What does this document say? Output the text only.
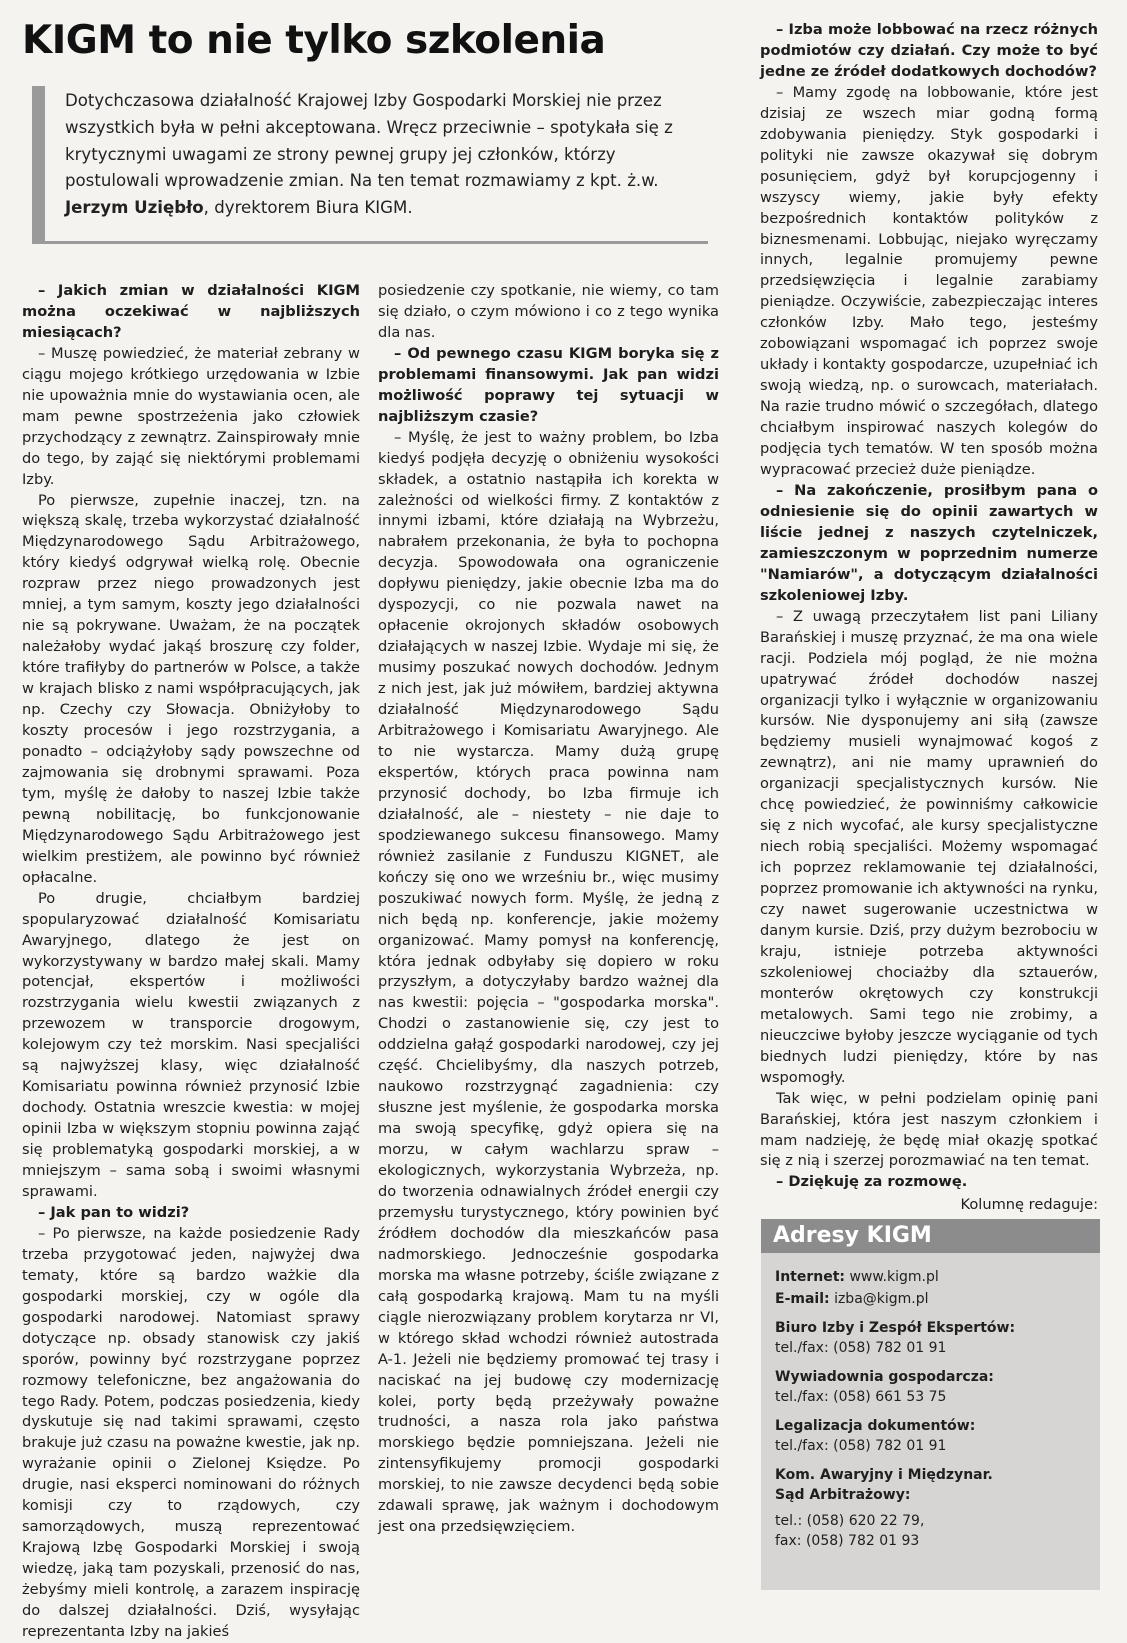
KIGM to nie tylko szkolenia
Dotychczasowa działalność Krajowej Izby Gospodarki Morskiej nie przez wszystkich była w pełni akceptowana. Wręcz przeciwnie – spotykała się z krytycznymi uwagami ze strony pewnej grupy jej członków, którzy postulowali wprowadzenie zmian. Na ten temat rozmawiamy z kpt. ż.w. Jerzym Uziębło, dyrektorem Biura KIGM.

– Jakich zmian w działalności KIGM można oczekiwać w najbliższych miesiącach?

– Muszę powiedzieć, że materiał zebrany w ciągu mojego krótkiego urzędowania w Izbie nie upoważnia mnie do wystawiania ocen, ale mam pewne spostrzeżenia jako człowiek przychodzący z zewnątrz. Zainspirowały mnie do tego, by zająć się niektórymi problemami Izby.

Po pierwsze, zupełnie inaczej, tzn. na większą skalę, trzeba wykorzystać działalność Międzynarodowego Sądu Arbitrażowego, który kiedyś odgrywał wielką rolę. Obecnie rozpraw przez niego prowadzonych jest mniej, a tym samym, koszty jego działalności nie są pokrywane. Uważam, że na początek należałoby wydać jakąś broszurę czy folder, które trafiłyby do partnerów w Polsce, a także w krajach blisko z nami współpracujących, jak np. Czechy czy Słowacja. Obniżyłoby to koszty procesów i jego rozstrzygania, a ponadto – odciążyłoby sądy powszechne od zajmowania się drobnymi sprawami. Poza tym, myślę że dałoby to naszej Izbie także pewną nobilitację, bo funkcjonowanie Międzynarodowego Sądu Arbitrażowego jest wielkim prestiżem, ale powinno być również opłacalne.

Po drugie, chciałbym bardziej spopularyzować działalność Komisariatu Awaryjnego, dlatego że jest on wykorzystywany w bardzo małej skali. Mamy potencjał, ekspertów i możliwości rozstrzygania wielu kwestii związanych z przewozem w transporcie drogowym, kolejowym czy też morskim. Nasi specjaliści są najwyższej klasy, więc działalność Komisariatu powinna również przynosić Izbie dochody. Ostatnia wreszcie kwestia: w mojej opinii Izba w większym stopniu powinna zająć się problematyką gospodarki morskiej, a w mniejszym – sama sobą i swoimi własnymi sprawami.

– Jak pan to widzi?

– Po pierwsze, na każde posiedzenie Rady trzeba przygotować jeden, najwyżej dwa tematy, które są bardzo ważkie dla gospodarki morskiej, czy w ogóle dla gospodarki narodowej. Natomiast sprawy dotyczące np. obsady stanowisk czy jakiś sporów, powinny być rozstrzygane poprzez rozmowy telefoniczne, bez angażowania do tego Rady. Potem, podczas posiedzenia, kiedy dyskutuje się nad takimi sprawami, często brakuje już czasu na poważne kwestie, jak np. wyrażanie opinii o Zielonej Księdze. Po drugie, nasi eksperci nominowani do różnych komisji czy to rządowych, czy samorządowych, muszą reprezentować Krajową Izbę Gospodarki Morskiej i swoją wiedzę, jaką tam pozyskali, przenosić do nas, żebyśmy mieli kontrolę, a zarazem inspirację do dalszej działalności. Dziś, wysyłając reprezentanta Izby na jakieś

posiedzenie czy spotkanie, nie wiemy, co tam się działo, o czym mówiono i co z tego wynika dla nas.

– Od pewnego czasu KIGM boryka się z problemami finansowymi. Jak pan widzi możliwość poprawy tej sytuacji w najbliższym czasie?

– Myślę, że jest to ważny problem, bo Izba kiedyś podjęła decyzję o obniżeniu wysokości składek, a ostatnio nastąpiła ich korekta w zależności od wielkości firmy. Z kontaktów z innymi izbami, które działają na Wybrzeżu, nabrałem przekonania, że była to pochopna decyzja. Spowodowała ona ograniczenie dopływu pieniędzy, jakie obecnie Izba ma do dyspozycji, co nie pozwala nawet na opłacenie okrojonych składów osobowych działających w naszej Izbie. Wydaje mi się, że musimy poszukać nowych dochodów. Jednym z nich jest, jak już mówiłem, bardziej aktywna działalność Międzynarodowego Sądu Arbitrażowego i Komisariatu Awaryjnego. Ale to nie wystarcza. Mamy dużą grupę ekspertów, których praca powinna nam przynosić dochody, bo Izba firmuje ich działalność, ale – niestety – nie daje to spodziewanego sukcesu finansowego. Mamy również zasilanie z Funduszu KIGNET, ale kończy się ono we wrześniu br., więc musimy poszukiwać nowych form. Myślę, że jedną z nich będą np. konferencje, jakie możemy organizować. Mamy pomysł na konferencję, która jednak odbyłaby się dopiero w roku przyszłym, a dotyczyłaby bardzo ważnej dla nas kwestii: pojęcia – "gospodarka morska". Chodzi o zastanowienie się, czy jest to oddzielna gałąź gospodarki narodowej, czy jej część. Chcielibyśmy, dla naszych potrzeb, naukowo rozstrzygnąć zagadnienia: czy słuszne jest myślenie, że gospodarka morska ma swoją specyfikę, gdyż opiera się na morzu, w całym wachlarzu spraw – ekologicznych, wykorzystania Wybrzeża, np. do tworzenia odnawialnych źródeł energii czy przemysłu turystycznego, który powinien być źródłem dochodów dla mieszkańców pasa nadmorskiego. Jednocześnie gospodarka morska ma własne potrzeby, ściśle związane z całą gospodarką krajową. Mam tu na myśli ciągle nierozwiązany problem korytarza nr VI, w którego skład wchodzi również autostrada A-1. Jeżeli nie będziemy promować tej trasy i naciskać na jej budowę czy modernizację kolei, porty będą przeżywały poważne trudności, a nasza rola jako państwa morskiego będzie pomniejszana. Jeżeli nie zintensyfikujemy promocji gospodarki morskiej, to nie zawsze decydenci będą sobie zdawali sprawę, jak ważnym i dochodowym jest ona przedsięwzięciem.

– Izba może lobbować na rzecz różnych podmiotów czy działań. Czy może to być jedne ze źródeł dodatkowych dochodów?

– Mamy zgodę na lobbowanie, które jest dzisiaj ze wszech miar godną formą zdobywania pieniędzy. Styk gospodarki i polityki nie zawsze okazywał się dobrym posunięciem, gdyż był korupcjogenny i wszyscy wiemy, jakie były efekty bezpośrednich kontaktów polityków z biznesmenami. Lobbując, niejako wyręczamy innych, legalnie promujemy pewne przedsięwzięcia i legalnie zarabiamy pieniądze. Oczywiście, zabezpieczając interes członków Izby. Mało tego, jesteśmy zobowiązani wspomagać ich poprzez swoje układy i kontakty gospodarcze, uzupełniać ich swoją wiedzą, np. o surowcach, materiałach. Na razie trudno mówić o szczegółach, dlatego chciałbym inspirować naszych kolegów do podjęcia tych tematów. W ten sposób można wypracować przecież duże pieniądze.

– Na zakończenie, prosiłbym pana o odniesienie się do opinii zawartych w liście jednej z naszych czytelniczek, zamieszczonym w poprzednim numerze "Namiarów", a dotyczącym działalności szkoleniowej Izby.

– Z uwagą przeczytałem list pani Liliany Barańskiej i muszę przyznać, że ma ona wiele racji. Podziela mój pogląd, że nie można upatrywać źródeł dochodów naszej organizacji tylko i wyłącznie w organizowaniu kursów. Nie dysponujemy ani siłą (zawsze będziemy musieli wynajmować kogoś z zewnątrz), ani nie mamy uprawnień do organizacji specjalistycznych kursów. Nie chcę powiedzieć, że powinniśmy całkowicie się z nich wycofać, ale kursy specjalistyczne niech robią specjaliści. Możemy wspomagać ich poprzez reklamowanie tej działalności, poprzez promowanie ich aktywności na rynku, czy nawet sugerowanie uczestnictwa w danym kursie. Dziś, przy dużym bezrobociu w kraju, istnieje potrzeba aktywności szkoleniowej chociażby dla sztauerów, monterów okrętowych czy konstrukcji metalowych. Sami tego nie zrobimy, a nieuczciwe byłoby jeszcze wyciąganie od tych biednych ludzi pieniędzy, które by nas wspomogły.

Tak więc, w pełni podzielam opinię pani Barańskiej, która jest naszym członkiem i mam nadzieję, że będę miał okazję spotkać się z nią i szerzej porozmawiać na ten temat.

– Dziękuję za rozmowę.

Kolumnę redaguje:

Adresy KIGM
Internet: www.kigm.pl
E-mail: izba@kigm.pl
Biuro Izby i Zespół Ekspertów:
tel./fax: (058) 782 01 91
Wywiadownia gospodarcza:
tel./fax: (058) 661 53 75
Legalizacja dokumentów:
tel./fax: (058) 782 01 91
Kom. Awaryjny i Międzynar.
Sąd Arbitrażowy:
tel.: (058) 620 22 79,
fax: (058) 782 01 93
